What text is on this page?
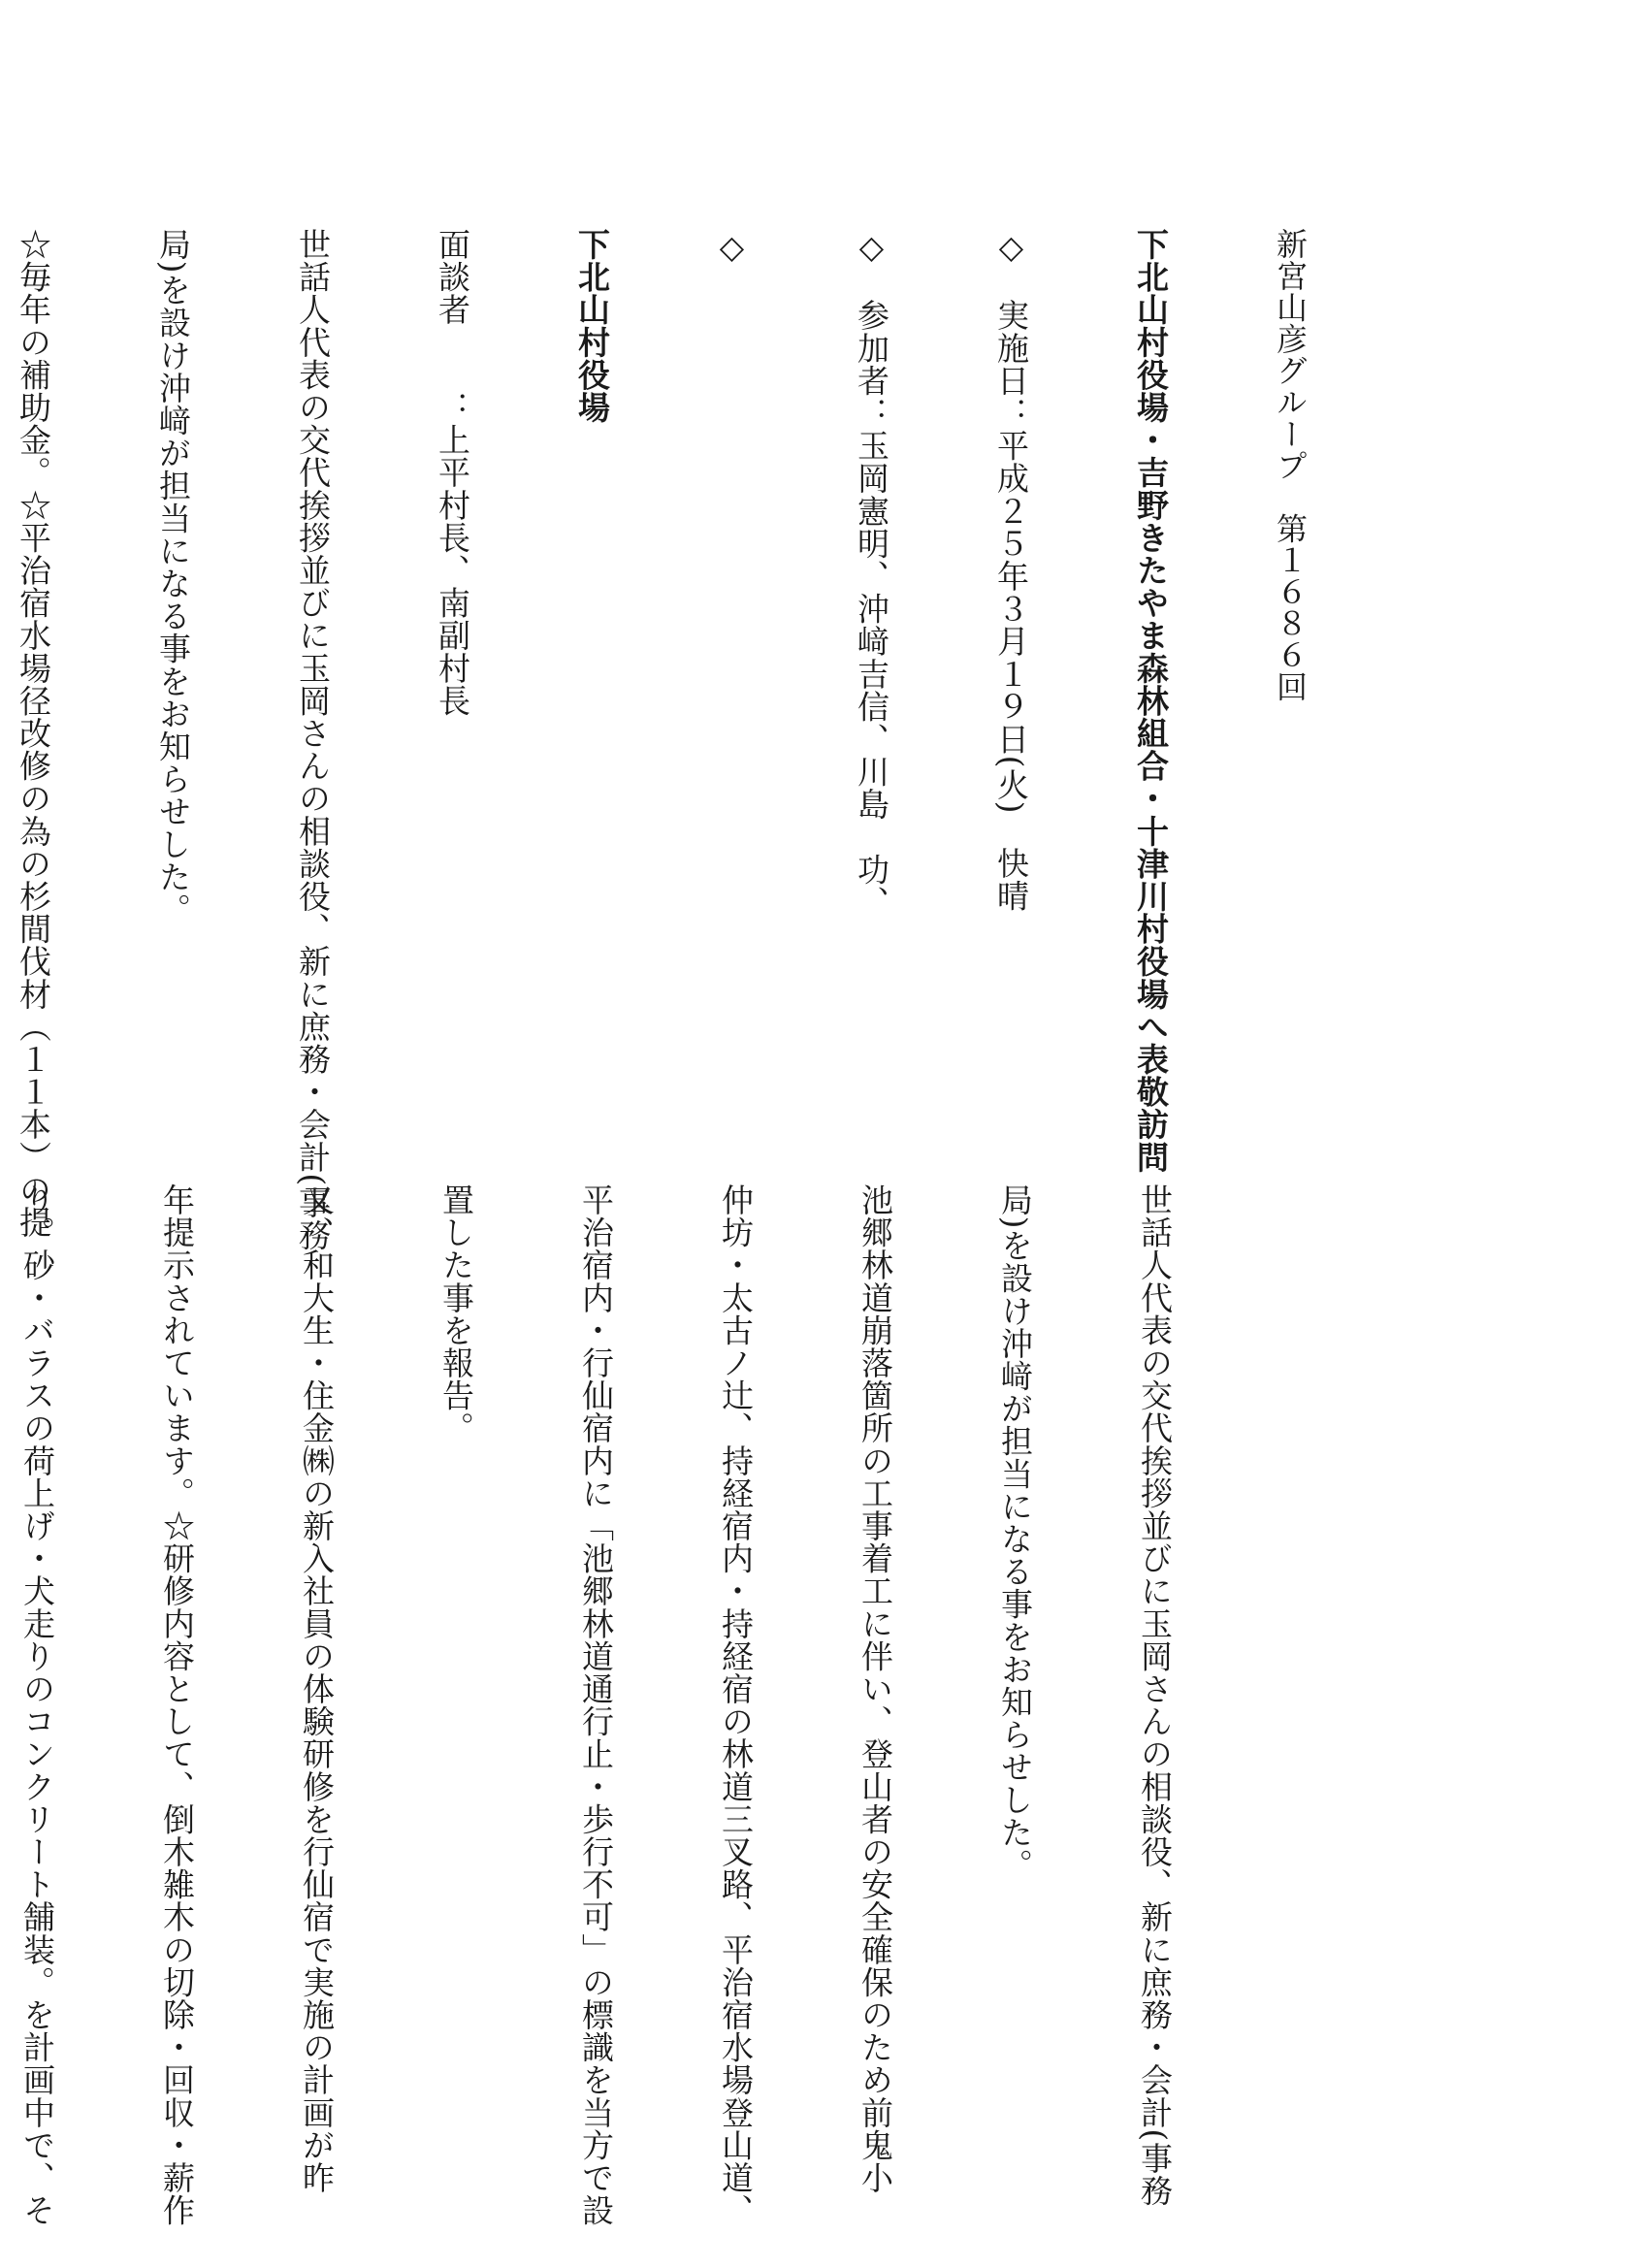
新宮山彦グループ　第１６８６回

下北山村役場・吉野きたやま森林組合・十津川村役場へ表敬訪問

◇　実施日：平成２５年３月１９日(火)　快晴

◇　参加者：玉岡憲明、沖﨑吉信、川島　功、

◇

下北山村役場

面談者　　：上平村長、南副村長

世話人代表の交代挨拶並びに玉岡さんの相談役、新に庶務・会計(事務

局)を設け沖﨑が担当になる事をお知らせした。

☆毎年の補助金。☆平治宿水場径改修の為の杉間伐材（１１本）の提

世話人代表の交代挨拶並びに玉岡さんの相談役、新に庶務・会計(事務

局)を設け沖﨑が担当になる事をお知らせした。

池郷林道崩落箇所の工事着工に伴い、登山者の安全確保のため前鬼小

仲坊・太古ノ辻、持経宿内・持経宿の林道三叉路、平治宿水場登山道、

平治宿内・行仙宿内に「池郷林道通行止・歩行不可」の標識を当方で設

置した事を報告。

又、和大生・住金㈱の新入社員の体験研修を行仙宿で実施の計画が昨

年提示されています。☆研修内容として、倒木雑木の切除・回収・薪作

り。砂・バラスの荷上げ・犬走りのコンクリート舗装。を計画中で、そ
